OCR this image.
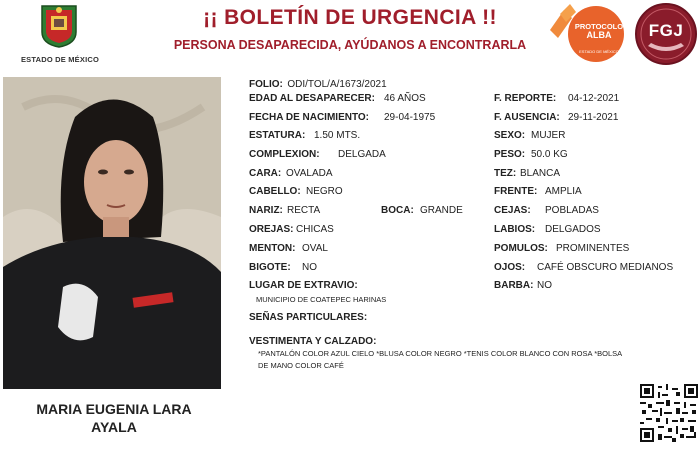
ESTADO DE MÉXICO
¡¡ BOLETÍN DE URGENCIA !!
PERSONA DESAPARECIDA, AYÚDANOS A ENCONTRARLA
PROTOCOLO
ALBA
ESTADO DE MÉXICO
FGJ
MARIA EUGENIA LARA
AYALA
FOLIO: ODI/TOL/A/1673/2021
EDAD AL DESAPARECER: 46 AÑOS
FECHA DE NACIMIENTO: 29-04-1975
ESTATURA: 1.50 MTS.
COMPLEXION: DELGADA
CARA: OVALADA
CABELLO: NEGRO
NARIZ: RECTA	BOCA: GRANDE
OREJAS: CHICAS
MENTON: OVAL
BIGOTE: NO
LUGAR DE EXTRAVIO:
MUNICIPIO DE COATEPEC HARINAS
SEÑAS PARTICULARES:
VESTIMENTA Y CALZADO:
*PANTALÓN COLOR AZUL CIELO *BLUSA COLOR NEGRO *TENIS COLOR BLANCO CON ROSA *BOLSA
DE MANO COLOR CAFÉ
F. REPORTE: 04-12-2021
F. AUSENCIA: 29-11-2021
SEXO: MUJER
PESO: 50.0 KG
TEZ: BLANCA
FRENTE: AMPLIA
CEJAS: POBLADAS
LABIOS: DELGADOS
POMULOS: PROMINENTES
OJOS: CAFÉ OBSCURO MEDIANOS
BARBA: NO
